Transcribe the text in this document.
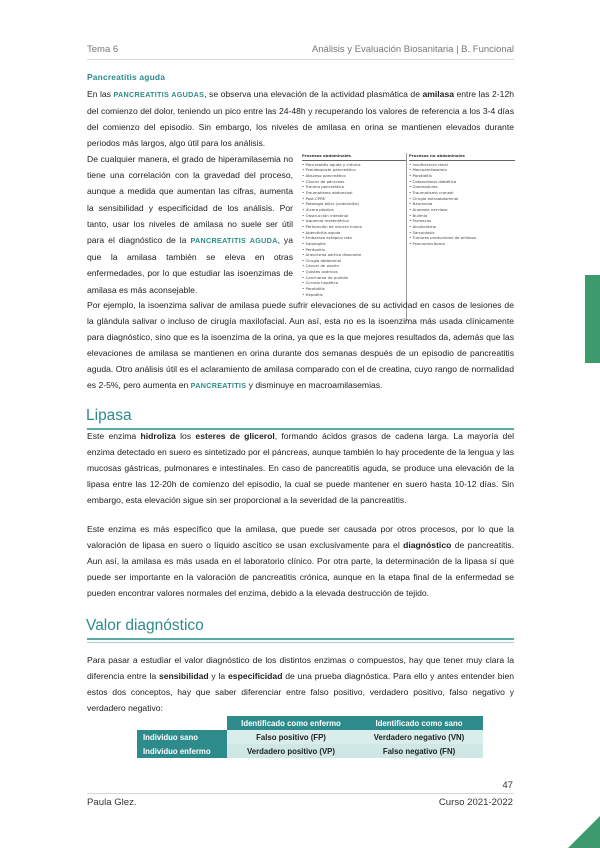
Tema 6	Análisis y Evaluación Biosanitaria | B. Funcional
Pancreatitis aguda

En las PANCREATITIS AGUDAS, se observa una elevación de la actividad plasmática de amilasa entre las 2-12h del comienzo del dolor, teniendo un pico entre las 24-48h y recuperando los valores de referencia a los 3-4 días del comienzo del episodio. Sin embargo, los niveles de amilasa en orina se mantienen elevados durante periodos más largos, algo útil para los análisis.

De cualquier manera, el grado de hiperamilasemia no tiene una correlación con la gravedad del proceso, aunque a medida que aumentan las cifras, aumenta la sensibilidad y especificidad de los análisis. Por tanto, usar los niveles de amilasa no suele ser útil para el diagnóstico de la PANCREATITIS AGUDA, ya que la amilasa también se eleva en otras enfermedades, por lo que estudiar las isoenzimas de amilasa es más aconsejable.

Procesos abdominales
• Pancreatitis aguda y crónica
• Pseudoquiste pancreático
• Absceso pancreático
• Cáncer de páncreas
• Trauma pancreático
• Traumatismo abdominal
• Post-CPRE
• Patología biliar (colecistitis)
• Úlcera péptica
• Obstrucción intestinal
• Isquemia mesentérica
• Perforación de víscera hueca
• Apendicitis aguda
• Embarazo ectópico roto
• Salpingitis
• Peritonitis
• Aneurisma aórtico disecante
• Cirugía abdominal
• Cáncer de ovario
• Quistes ováricos
• Carcinoma de pulmón
• Cirrosis hepática
• Parotiditis
• Hepatitis
Procesos no abdominales
• Insuficiencia renal
• Macroamilasemia
• Parotiditis
• Cetoacidosis diabética
• Quemaduras
• Traumatismo craneal
• Cirugía extraabdominal
• Neumonía
• Anorexia nerviosa
• Bulimia
• Fármacos
• Alcoholismo
• Sarcoidosis
• Tumores productores de amilasa
• Feocromocitoma

Por ejemplo, la isoenzima salivar de amilasa puede sufrir elevaciones de su actividad en casos de lesiones de la glándula salivar o incluso de cirugía maxilofacial. Aun así, esta no es la isoenzima más usada clínicamente para diagnóstico, sino que es la isoenzima de la orina, ya que es la que mejores resultados da, además que las elevaciones de amilasa se mantienen en orina durante dos semanas después de un episodio de pancreatitis aguda. Otro análisis útil es el aclaramiento de amilasa comparado con el de creatina, cuyo rango de normalidad es 2-5%, pero aumenta en PANCREATITIS y disminuye en macroamilasemias.

Lipasa

Este enzima hidroliza los esteres de glicerol, formando ácidos grasos de cadena larga. La mayoría del enzima detectado en suero es sintetizado por el páncreas, aunque también lo hay procedente de la lengua y las mucosas gástricas, pulmonares e intestinales. En caso de pancreatitis aguda, se produce una elevación de la lipasa entre las 12-20h de comienzo del episodio, la cual se puede mantener en suero hasta 10-12 días. Sin embargo, esta elevación sigue sin ser proporcional a la severidad de la pancreatitis.

Este enzima es más específico que la amilasa, que puede ser causada por otros procesos, por lo que la valoración de lipasa en suero o líquido ascítico se usan exclusivamente para el diagnóstico de pancreatitis. Aun así, la amilasa es más usada en el laboratorio clínico. Por otra parte, la determinación de la lipasa sí que puede ser importante en la valoración de pancreatitis crónica, aunque en la etapa final de la enfermedad se pueden encontrar valores normales del enzima, debido a la elevada destrucción de tejido.

Valor diagnóstico

Para pasar a estudiar el valor diagnóstico de los distintos enzimas o compuestos, hay que tener muy clara la diferencia entre la sensibilidad y la especificidad de una prueba diagnóstica. Para ello y antes entender bien estos dos conceptos, hay que saber diferenciar entre falso positivo, verdadero positivo, falso negativo y verdadero negativo:

	Identificado como enfermo	Identificado como sano
Individuo sano	Falso positivo (FP)	Verdadero negativo (VN)
Individuo enfermo	Verdadero positivo (VP)	Falso negativo (FN)
47
Paula Glez.	Curso 2021-2022
